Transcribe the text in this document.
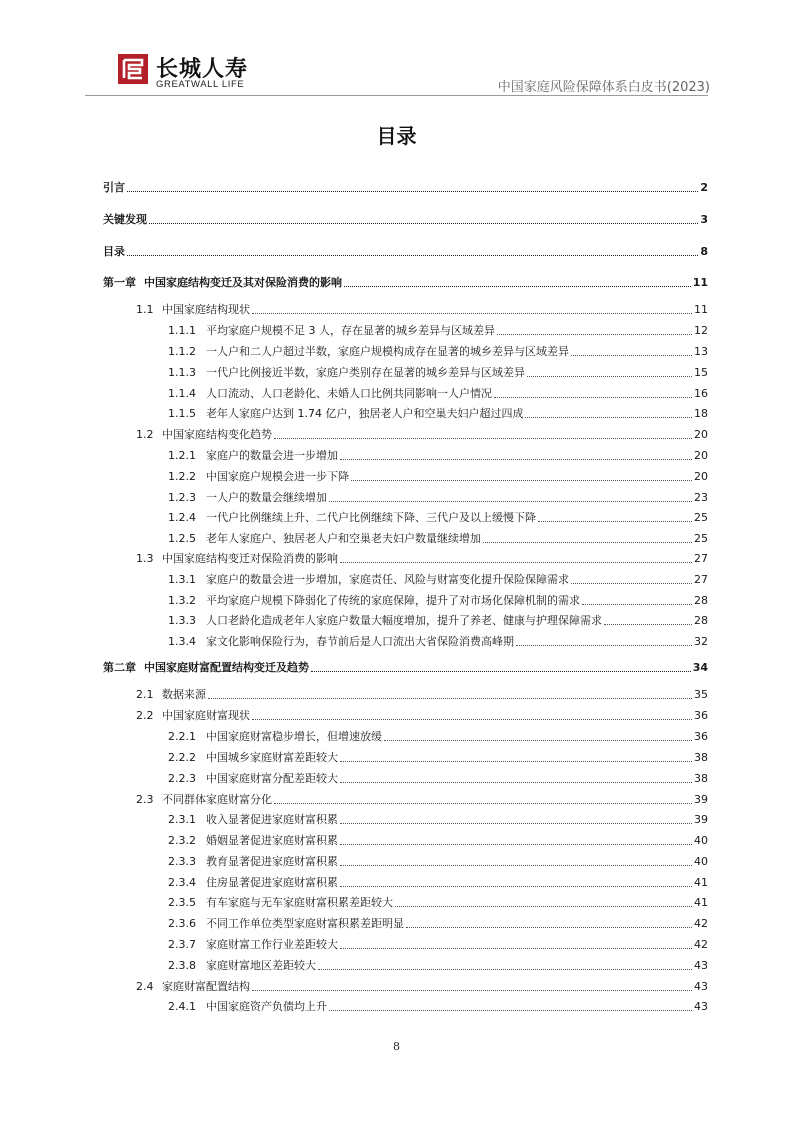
长城人寿
GREATWALL LIFE	中国家庭风险保障体系白皮书(2023)
目录
引言	2
关键发现	3
目录	8
第一章 中国家庭结构变迁及其对保险消费的影响	11
1.1 中国家庭结构现状	11
1.1.1 平均家庭户规模不足 3 人，存在显著的城乡差异与区域差异	12
1.1.2 一人户和二人户超过半数，家庭户规模构成存在显著的城乡差异与区域差异	13
1.1.3 一代户比例接近半数，家庭户类别存在显著的城乡差异与区域差异	15
1.1.4 人口流动、人口老龄化、未婚人口比例共同影响一人户情况	16
1.1.5 老年人家庭户达到 1.74 亿户，独居老人户和空巢夫妇户超过四成	18
1.2 中国家庭结构变化趋势	20
1.2.1 家庭户的数量会进一步增加	20
1.2.2 中国家庭户规模会进一步下降	20
1.2.3 一人户的数量会继续增加	23
1.2.4 一代户比例继续上升、二代户比例继续下降、三代户及以上缓慢下降	25
1.2.5 老年人家庭户、独居老人户和空巢老夫妇户数量继续增加	25
1.3 中国家庭结构变迁对保险消费的影响	27
1.3.1 家庭户的数量会进一步增加，家庭责任、风险与财富变化提升保险保障需求	27
1.3.2 平均家庭户规模下降弱化了传统的家庭保障，提升了对市场化保障机制的需求	28
1.3.3 人口老龄化造成老年人家庭户数量大幅度增加，提升了养老、健康与护理保障需求	28
1.3.4 家文化影响保险行为，春节前后是人口流出大省保险消费高峰期	32
第二章 中国家庭财富配置结构变迁及趋势	34
2.1 数据来源	35
2.2 中国家庭财富现状	36
2.2.1 中国家庭财富稳步增长，但增速放缓	36
2.2.2 中国城乡家庭财富差距较大	38
2.2.3 中国家庭财富分配差距较大	38
2.3 不同群体家庭财富分化	39
2.3.1 收入显著促进家庭财富积累	39
2.3.2 婚姻显著促进家庭财富积累	40
2.3.3 教育显著促进家庭财富积累	40
2.3.4 住房显著促进家庭财富积累	41
2.3.5 有车家庭与无车家庭财富积累差距较大	41
2.3.6 不同工作单位类型家庭财富积累差距明显	42
2.3.7 家庭财富工作行业差距较大	42
2.3.8 家庭财富地区差距较大	43
2.4 家庭财富配置结构	43
2.4.1 中国家庭资产负债均上升	43
8
